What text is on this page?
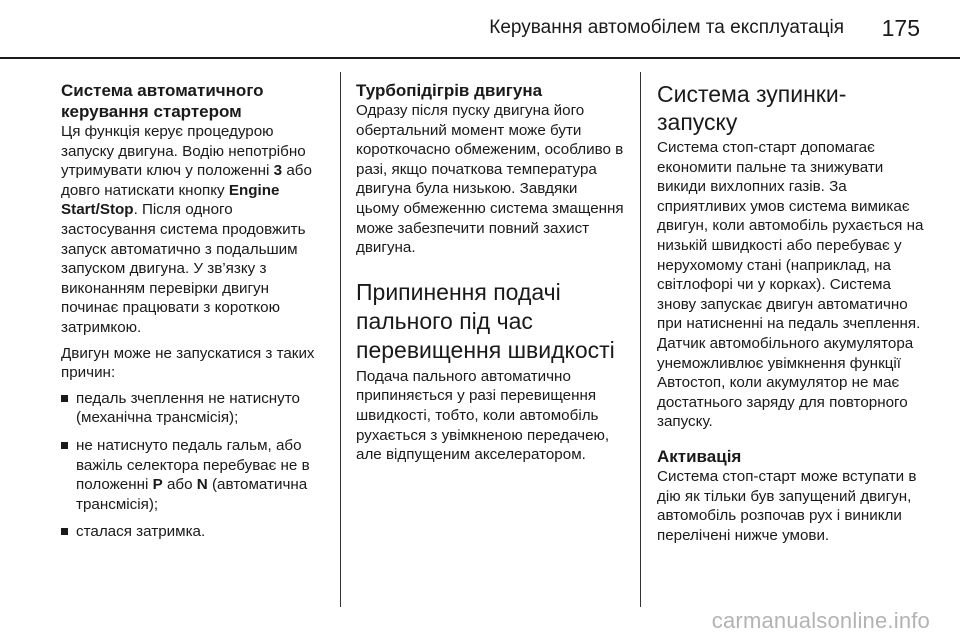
Керування автомобілем та експлуатація 175
Система автоматичного керування стартером

Ця функція керує процедурою запуску двигуна. Водію непотрібно утримувати ключ у положенні 3 або довго натискати кнопку Engine Start/Stop. Після одного застосування система продовжить запуск автоматично з подальшим запуском двигуна. У зв’язку з виконанням перевірки двигун починає працювати з короткою затримкою.

Двигун може не запускатися з таких причин:

педаль зчеплення не натиснуто (механічна трансмісія);
не натиснуто педаль гальм, або важіль селектора перебуває не в положенні P або N (автоматична трансмісія);
сталася затримка.
Турбопідігрів двигуна

Одразу після пуску двигуна його обертальний момент може бути короткочасно обмеженим, особливо в разі, якщо початкова температура двигуна була низькою. Завдяки цьому обмеженню система змащення може забезпечити повний захист двигуна.

Припинення подачі пального під час перевищення швидкості

Подача пального автоматично припиняється у разі перевищення швидкості, тобто, коли автомобіль рухається з увімкненою передачею, але відпущеним акселератором.

Система зупинки-запуску

Система стоп-старт допомагає економити пальне та знижувати викиди вихлопних газів. За сприятливих умов система вимикає двигун, коли автомобіль рухається на низькій швидкості або перебуває у нерухомому стані (наприклад, на світлофорі чи у корках). Система знову запускає двигун автоматично при натисненні на педаль зчеплення. Датчик автомобільного акумулятора унеможливлює увімкнення функції Автостоп, коли акумулятор не має достатнього заряду для повторного запуску.

Активація

Система стоп-старт може вступати в дію як тільки був запущений двигун, автомобіль розпочав рух і виникли перелічені нижче умови.

carmanualsonline.info
